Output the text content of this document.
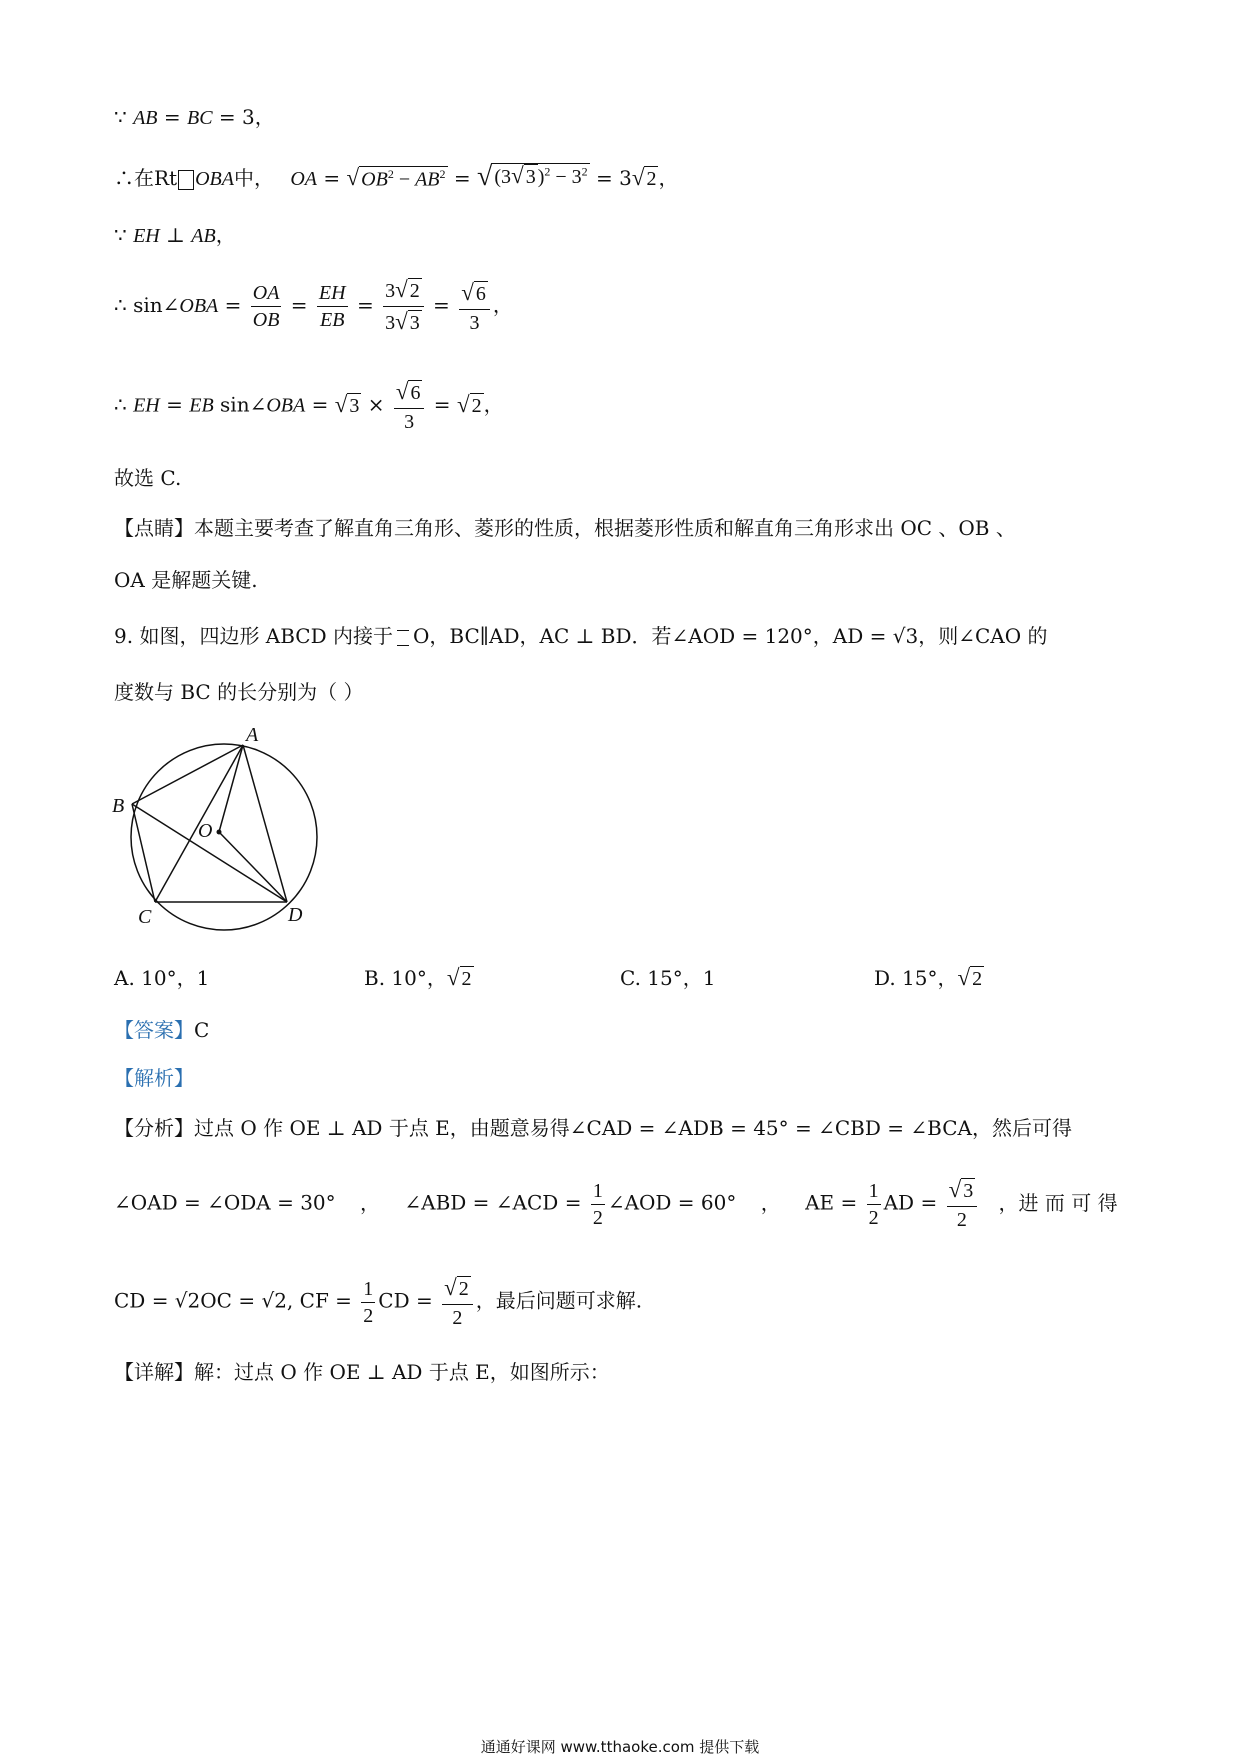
∵ AB = BC = 3，
∴在Rt OBA中， OA = √ $OB^2 - AB^2$ = √ (3 √ 3 )$^2 - 3^2 = 3$ √ 2 ，
∵ EH ⊥ AB，
∴ sin∠OBA = $\frac{OA}{OB} = \frac{EH}{EB} = \frac{3 √ 2}{3 √ 3} = \frac{√ 6}{3}$ ，
∴ EH = EB sin∠OBA = √ $3 \times \frac{√ 6}{3}$ = √ 2 ，
故选 C.
【点睛】本题主要考查了解直角三角形、菱形的性质，根据菱形性质和解直角三角形求出 OC 、OB 、
OA 是解题关键.
9. 如图，四边形 ABCD 内接于 O，BC∥AD，AC ⊥ BD．若∠AOD = 120°，AD = √3，则∠CAO 的
度数与 BC 的长分别为（ ）
A
B
O
C	D
A. 10°，1	B. 10°， √ 2	C. 15°，1	D. 15°， √ 2
【答案】C
【解析】
【分析】过点 O 作 OE ⊥ AD 于点 E，由题意易得∠CAD = ∠ADB = 45° = ∠CBD = ∠BCA，然后可得
∠OAD = ∠ODA = 30° ， ∠ABD = ∠ACD = $\frac{1}{2}$ ∠AOD = 60° ， AE = $\frac{1}{2}$ AD = $\frac{√ 3}{2}$ ，进 而 可 得
CD = √2OC = √2, CF = $\frac{1}{2}$ CD = $\frac{√ 2}{2}$ ，最后问题可求解.
【详解】解：过点 O 作 OE ⊥ AD 于点 E，如图所示：
通通好课网 www.tthaoke.com 提供下载
